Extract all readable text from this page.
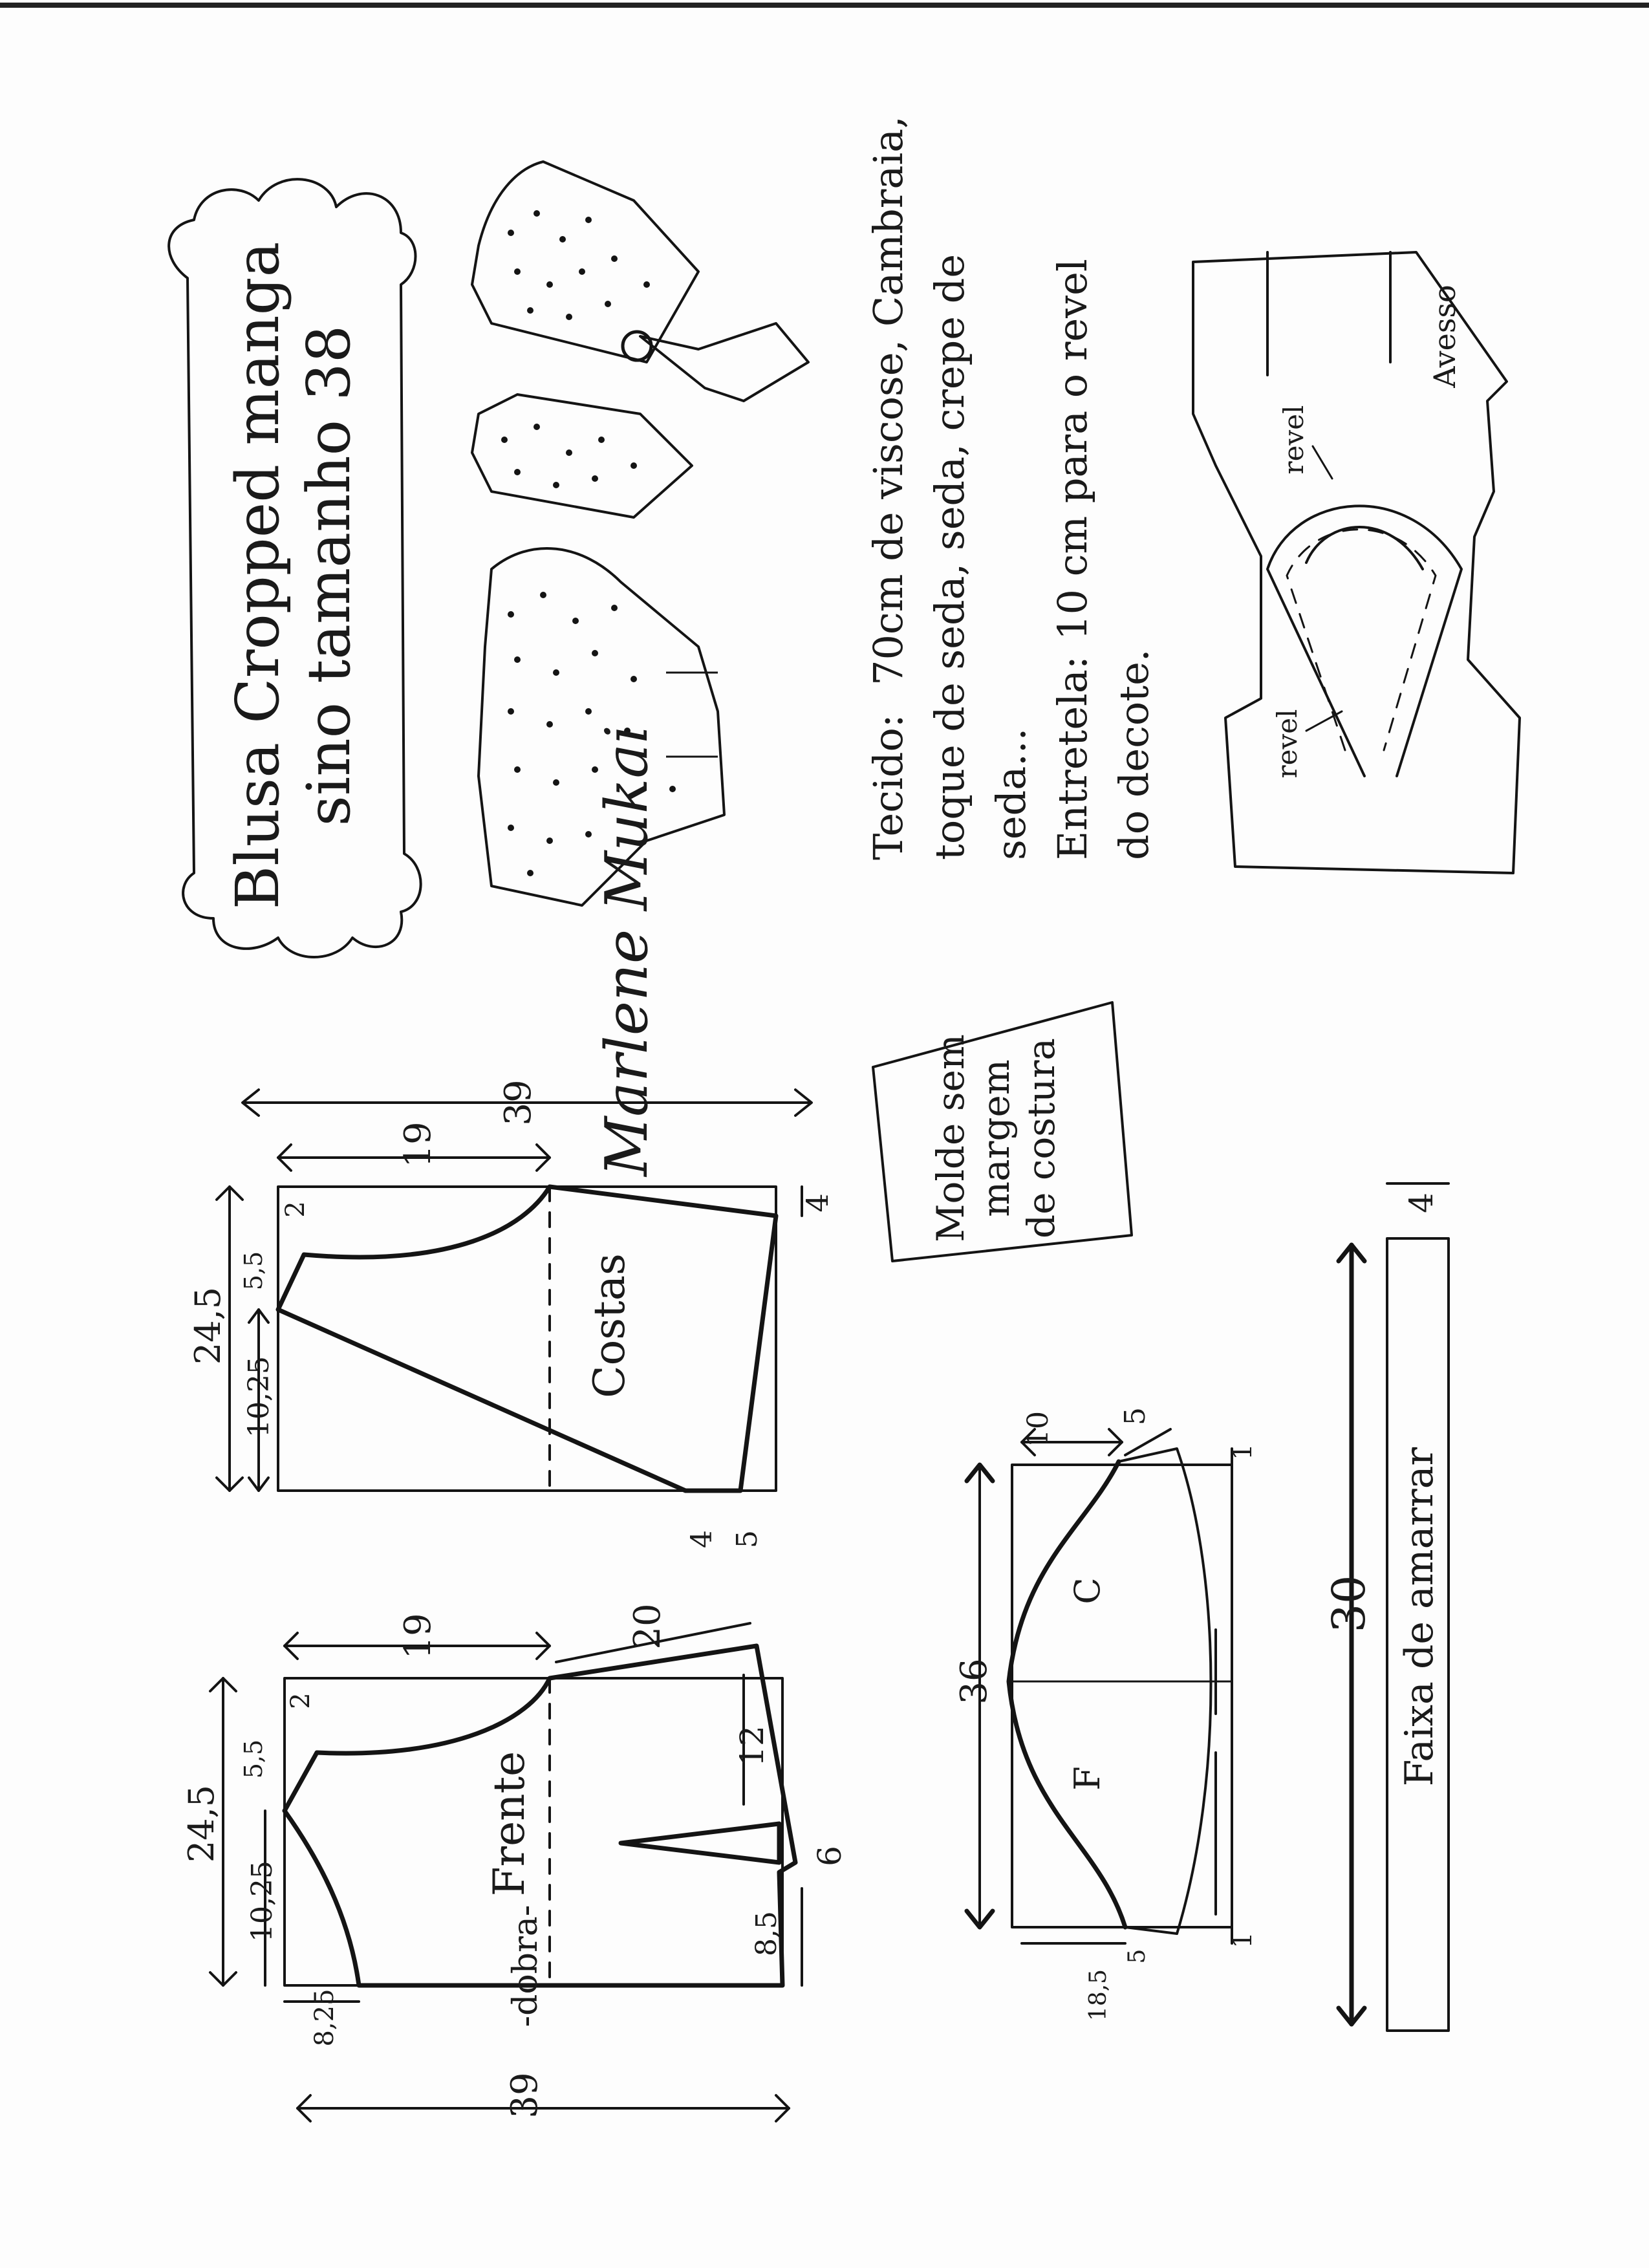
Blusa Cropped manga sino tamanho 38
Marlene Mukai	Tecido:
70cm de viscose, Cambraia, toque de seda, seda, crepe de seda... Entretela:
10 cm para o revel
do decote.
Avesso
revel
revel
Molde sem margem de costura
Costas
19
39
4
2
5,5
24,5
10,25
4 5
Frente
-dobra-
19	20
2
5,5
24,5
10,25
12
6
8,5
8,25
39
C
F
10 5
1
36
18,5
5
1
30 Faixa de amarrar
4
